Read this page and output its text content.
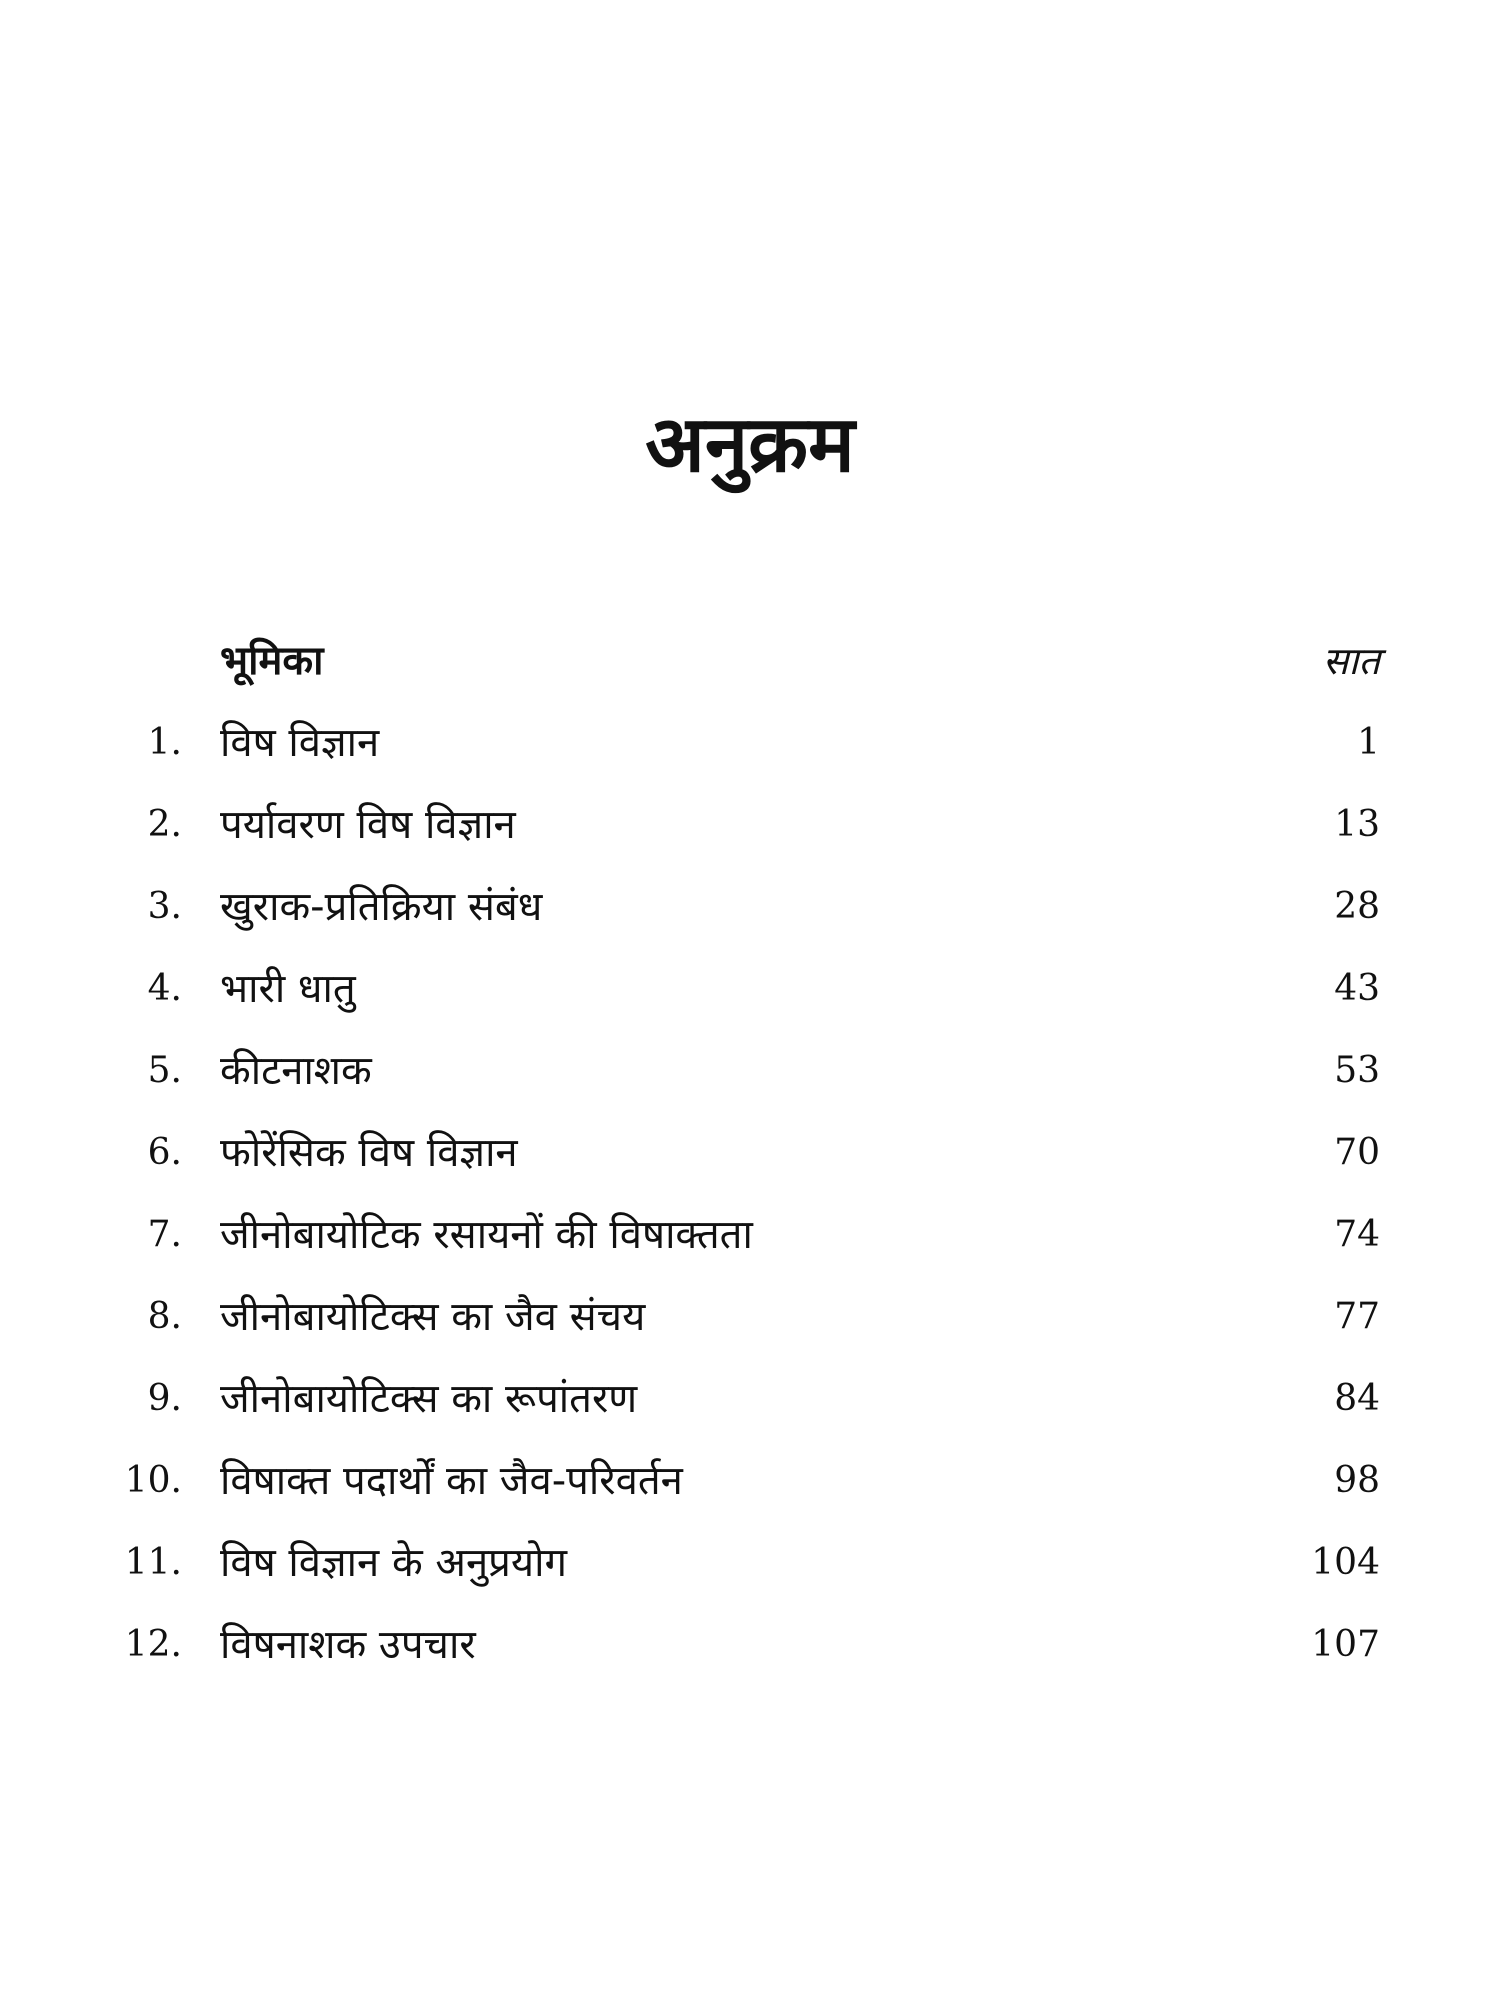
अनुक्रम
भूमिका	सात
1. विष विज्ञान	1
2. पर्यावरण विष विज्ञान	13
3. खुराक-प्रतिक्रिया संबंध	28
4. भारी धातु	43
5. कीटनाशक	53
6. फोरेंसिक विष विज्ञान	70
7. जीनोबायोटिक रसायनों की विषाक्तता	74
8. जीनोबायोटिक्स का जैव संचय	77
9. जीनोबायोटिक्स का रूपांतरण	84
10. विषाक्त पदार्थों का जैव-परिवर्तन	98
11. विष विज्ञान के अनुप्रयोग	104
12. विषनाशक उपचार	107
